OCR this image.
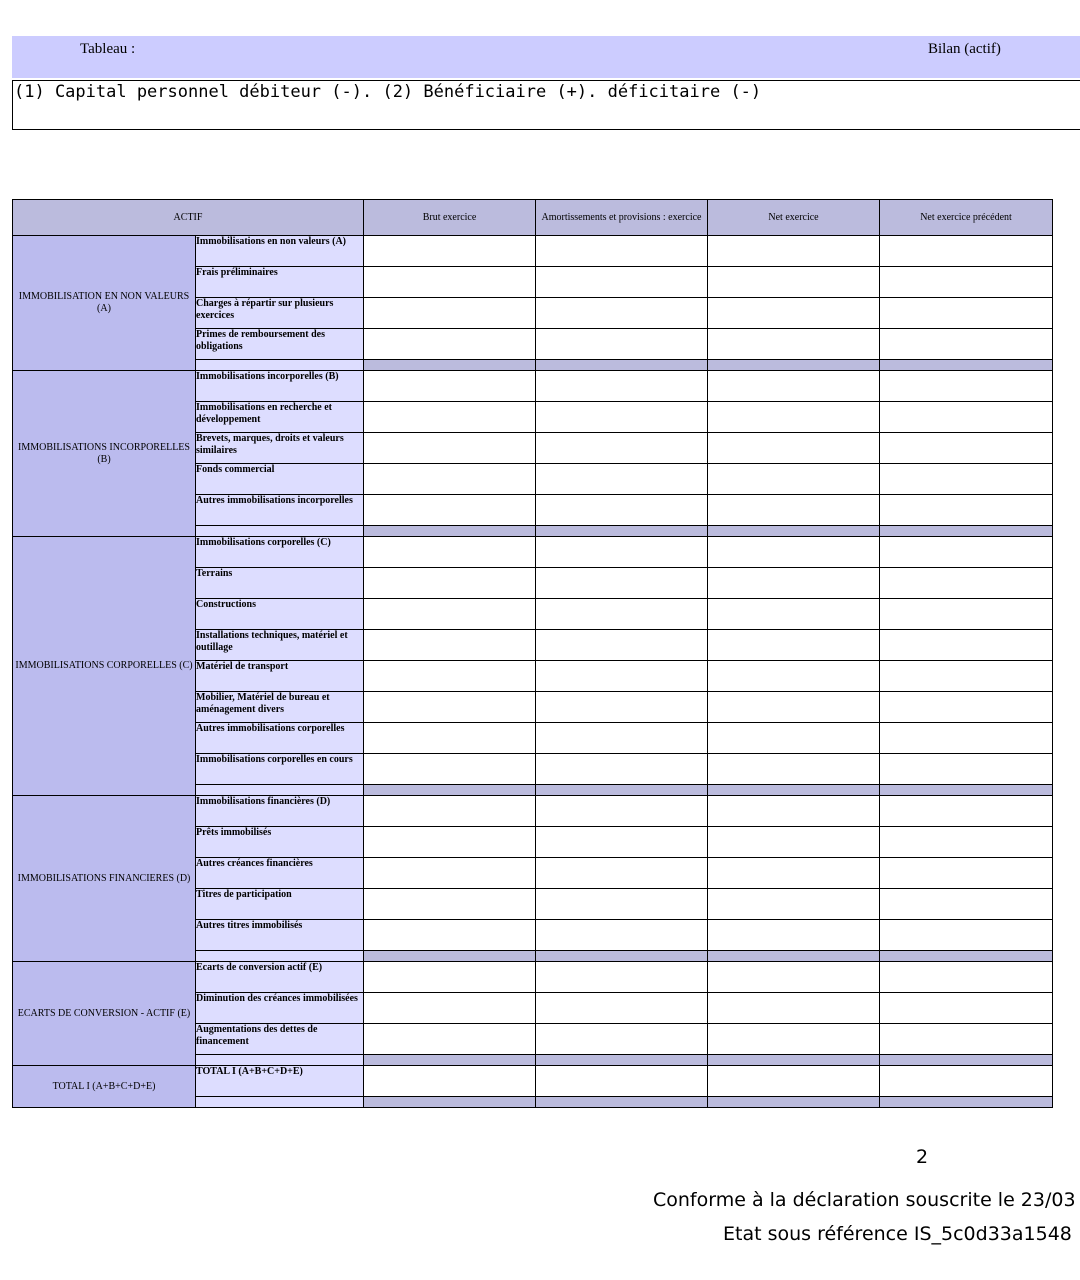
Tableau :	Bilan (actif)
(1) Capital personnel débiteur (-). (2) Bénéficiaire (+). déficitaire (-)
ACTIF		Brut exercice	Amortissements et provisions : exercice	Net exercice	Net exercice précédent
IMMOBILISATION EN NON VALEURS (A)	Immobilisations en non valeurs (A)				
	Frais préliminaires				
	Charges à répartir sur plusieurs exercices				
	Primes de remboursement des obligations				

IMMOBILISATIONS INCORPORELLES (B)	Immobilisations incorporelles (B)				
	Immobilisations en recherche et développement				
	Brevets, marques, droits et valeurs similaires				
	Fonds commercial				
	Autres immobilisations incorporelles				

IMMOBILISATIONS CORPORELLES (C)	Immobilisations corporelles (C)				
	Terrains				
	Constructions				
	Installations techniques, matériel et outillage				
	Matériel de transport				
	Mobilier, Matériel de bureau et aménagement divers				
	Autres immobilisations corporelles				
	Immobilisations corporelles en cours				

IMMOBILISATIONS FINANCIERES (D)	Immobilisations financières (D)				
	Prêts immobilisés				
	Autres créances financières				
	Titres de participation				
	Autres titres immobilisés				

ECARTS DE CONVERSION - ACTIF (E)	Ecarts de conversion actif (E)				
	Diminution des créances immobilisées				
	Augmentations des dettes de financement				

TOTAL I (A+B+C+D+E)	TOTAL I (A+B+C+D+E)				

2
Conforme à la déclaration souscrite le 23/03
Etat sous référence IS_5c0d33a1548
